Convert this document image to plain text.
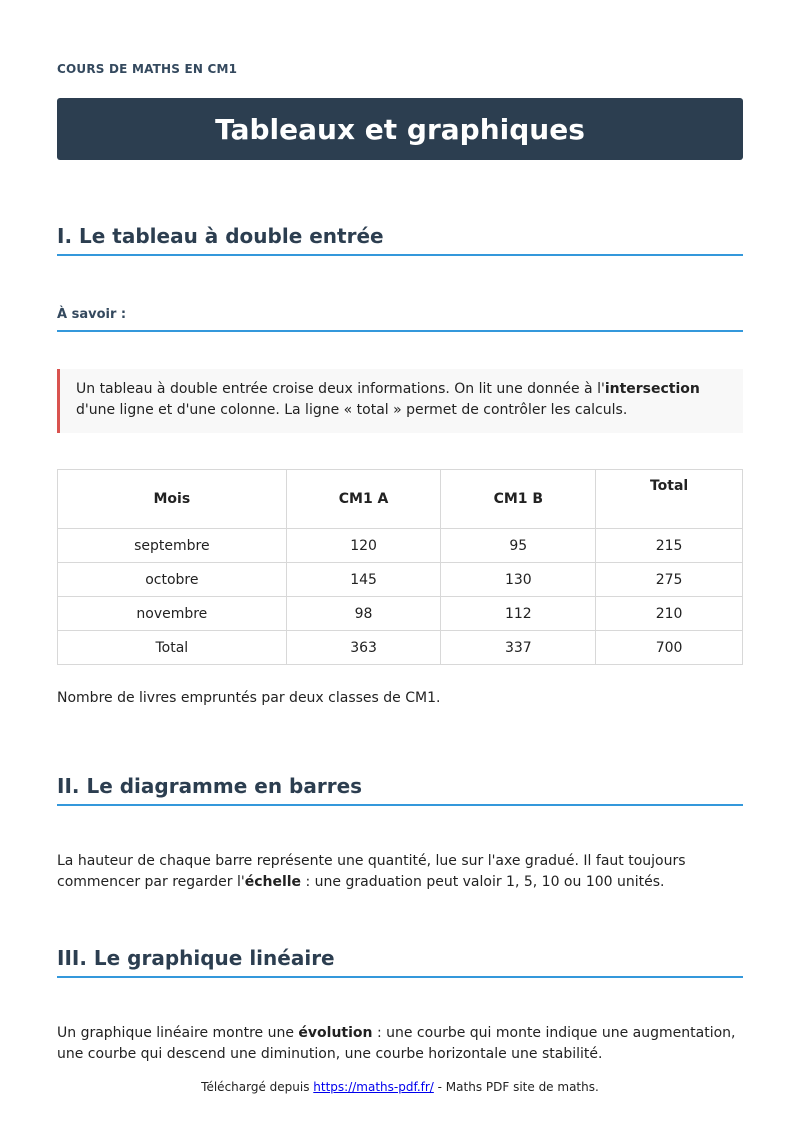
COURS DE MATHS EN CM1
Tableaux et graphiques
I. Le tableau à double entrée
À savoir :
Un tableau à double entrée croise deux informations. On lit une donnée à l'intersection d'une ligne et d'une colonne. La ligne « total » permet de contrôler les calculs.
Mois	CM1 A	CM1 B	Total
septembre	120	95	215
octobre	145	130	275
novembre	98	112	210
Total	363	337	700

Nombre de livres empruntés par deux classes de CM1.

II. Le diagramme en barres

La hauteur de chaque barre représente une quantité, lue sur l'axe gradué. Il faut toujours commencer par regarder l'échelle : une graduation peut valoir 1, 5, 10 ou 100 unités.

III. Le graphique linéaire

Un graphique linéaire montre une évolution : une courbe qui monte indique une augmentation, une courbe qui descend une diminution, une courbe horizontale une stabilité.

Téléchargé depuis https://maths-pdf.fr/ - Maths PDF site de maths.
